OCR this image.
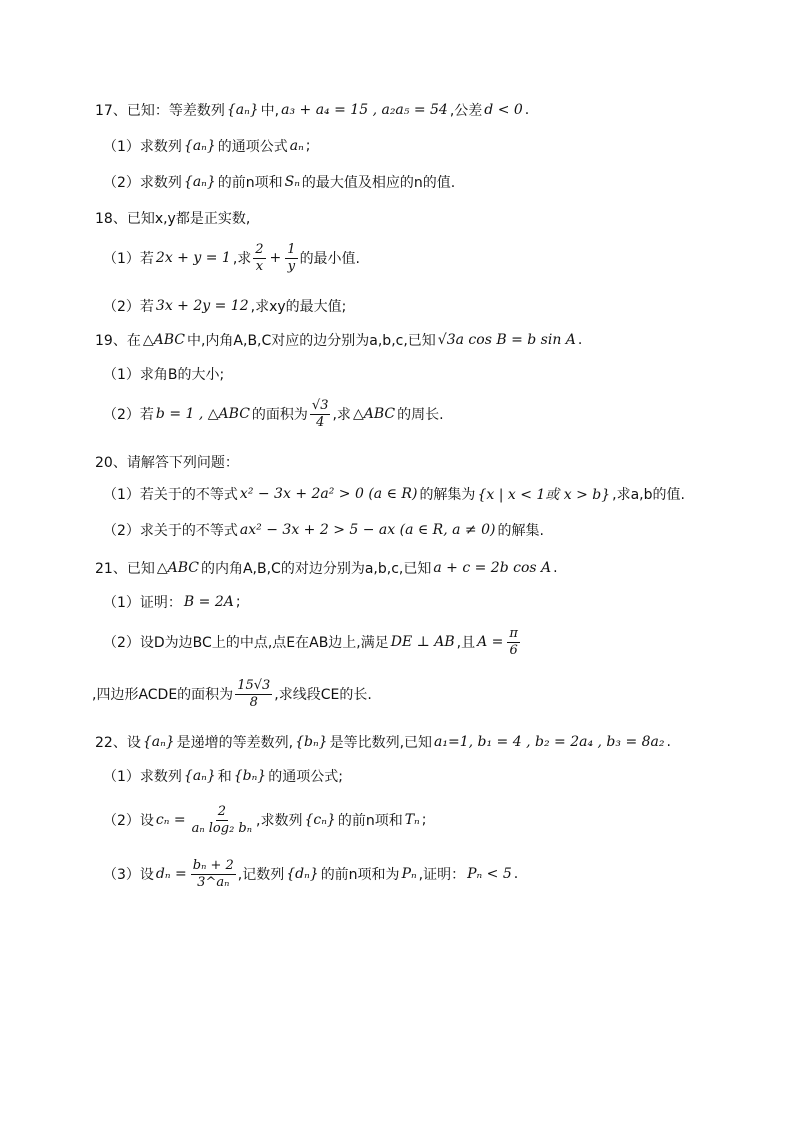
17、已知：等差数列 {aₙ} 中, a₃ + a₄ = 15 , a₂a₅ = 54 ,公差 d < 0 .
（1）求数列 {aₙ} 的通项公式 aₙ ;
（2）求数列 {aₙ} 的前n项和 Sₙ 的最大值及相应的n的值.
18、已知x,y都是正实数,
（1）若 2x + y = 1 ,求 $\frac{2}{x} + \frac{1}{y}$ 的最小值.
（2）若 3x + 2y = 12 ,求xy的最大值;
19、在 △ABC 中,内角A,B,C对应的边分别为a,b,c,已知 √3a cos B = b sin A .
（1）求角B的大小;
（2）若 b = 1 , △ABC 的面积为 $\frac{√3}{4}$ ,求 △ABC 的周长.
20、请解答下列问题：
（1）若关于的不等式 x² − 3x + 2a² > 0 (a ∈ R) 的解集为 {x | x < 1或 x > b} ,求a,b的值.
（2）求关于的不等式 ax² − 3x + 2 > 5 − ax (a ∈ R, a ≠ 0) 的解集.
21、已知 △ABC 的内角A,B,C的对边分别为a,b,c,已知 a + c = 2b cos A .
（1）证明： B = 2A ;
（2）设D为边BC上的中点,点E在AB边上,满足 DE ⊥ AB ,且 $A = \frac{\pi}{6}$
,四边形ACDE的面积为 $\frac{15√3}{8}$ ,求线段CE的长.
22、设 {aₙ} 是递增的等差数列, {bₙ} 是等比数列,已知 a₁=1, b₁ = 4 , b₂ = 2a₄ , b₃ = 8a₂ .
（1）求数列 {aₙ} 和 {bₙ} 的通项公式;
（2）设 $c_n = \frac{2}{\text{aₙ log₂ bₙ}}$ ,求数列 {cₙ} 的前n项和 Tₙ ;
（3）设 $d_n = \frac{\text{bₙ + 2}}{\text{3\textasciicircum{}aₙ}}$ ,记数列 {dₙ} 的前n项和为 Pₙ ,证明： Pₙ < 5 .
